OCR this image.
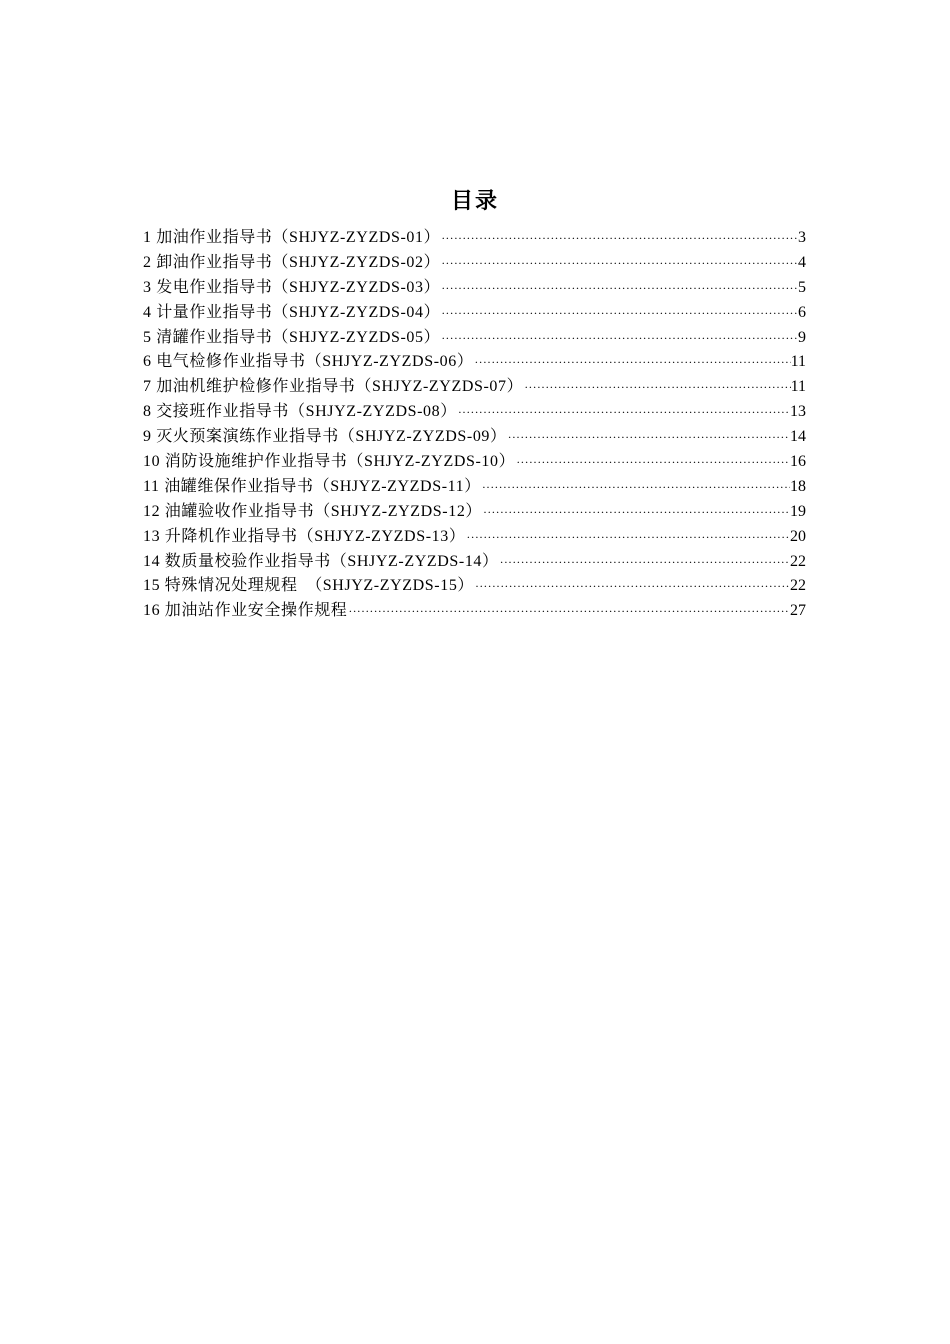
目录
1 加油作业指导书（SHJYZ-ZYZDS-01） ·····	3
2 卸油作业指导书（SHJYZ-ZYZDS-02） ·····	4
3 发电作业指导书（SHJYZ-ZYZDS-03） ·····	5
4 计量作业指导书（SHJYZ-ZYZDS-04） ·····	6
5 清罐作业指导书（SHJYZ-ZYZDS-05） ·····	9
6 电气检修作业指导书（SHJYZ-ZYZDS-06） ·····	11
7 加油机维护检修作业指导书（SHJYZ-ZYZDS-07） ·····	11
8 交接班作业指导书（SHJYZ-ZYZDS-08） ·····	13
9 灭火预案演练作业指导书（SHJYZ-ZYZDS-09） ·····	14
10 消防设施维护作业指导书（SHJYZ-ZYZDS-10） ·····	16
11 油罐维保作业指导书（SHJYZ-ZYZDS-11） ·····	18
12 油罐验收作业指导书（SHJYZ-ZYZDS-12） ·····	19
13 升降机作业指导书（SHJYZ-ZYZDS-13） ·····	20
14 数质量校验作业指导书（SHJYZ-ZYZDS-14） ·····	22
15 特殊情况处理规程　（SHJYZ-ZYZDS-15） ·····	22
16 加油站作业安全操作规程 ·····	27
